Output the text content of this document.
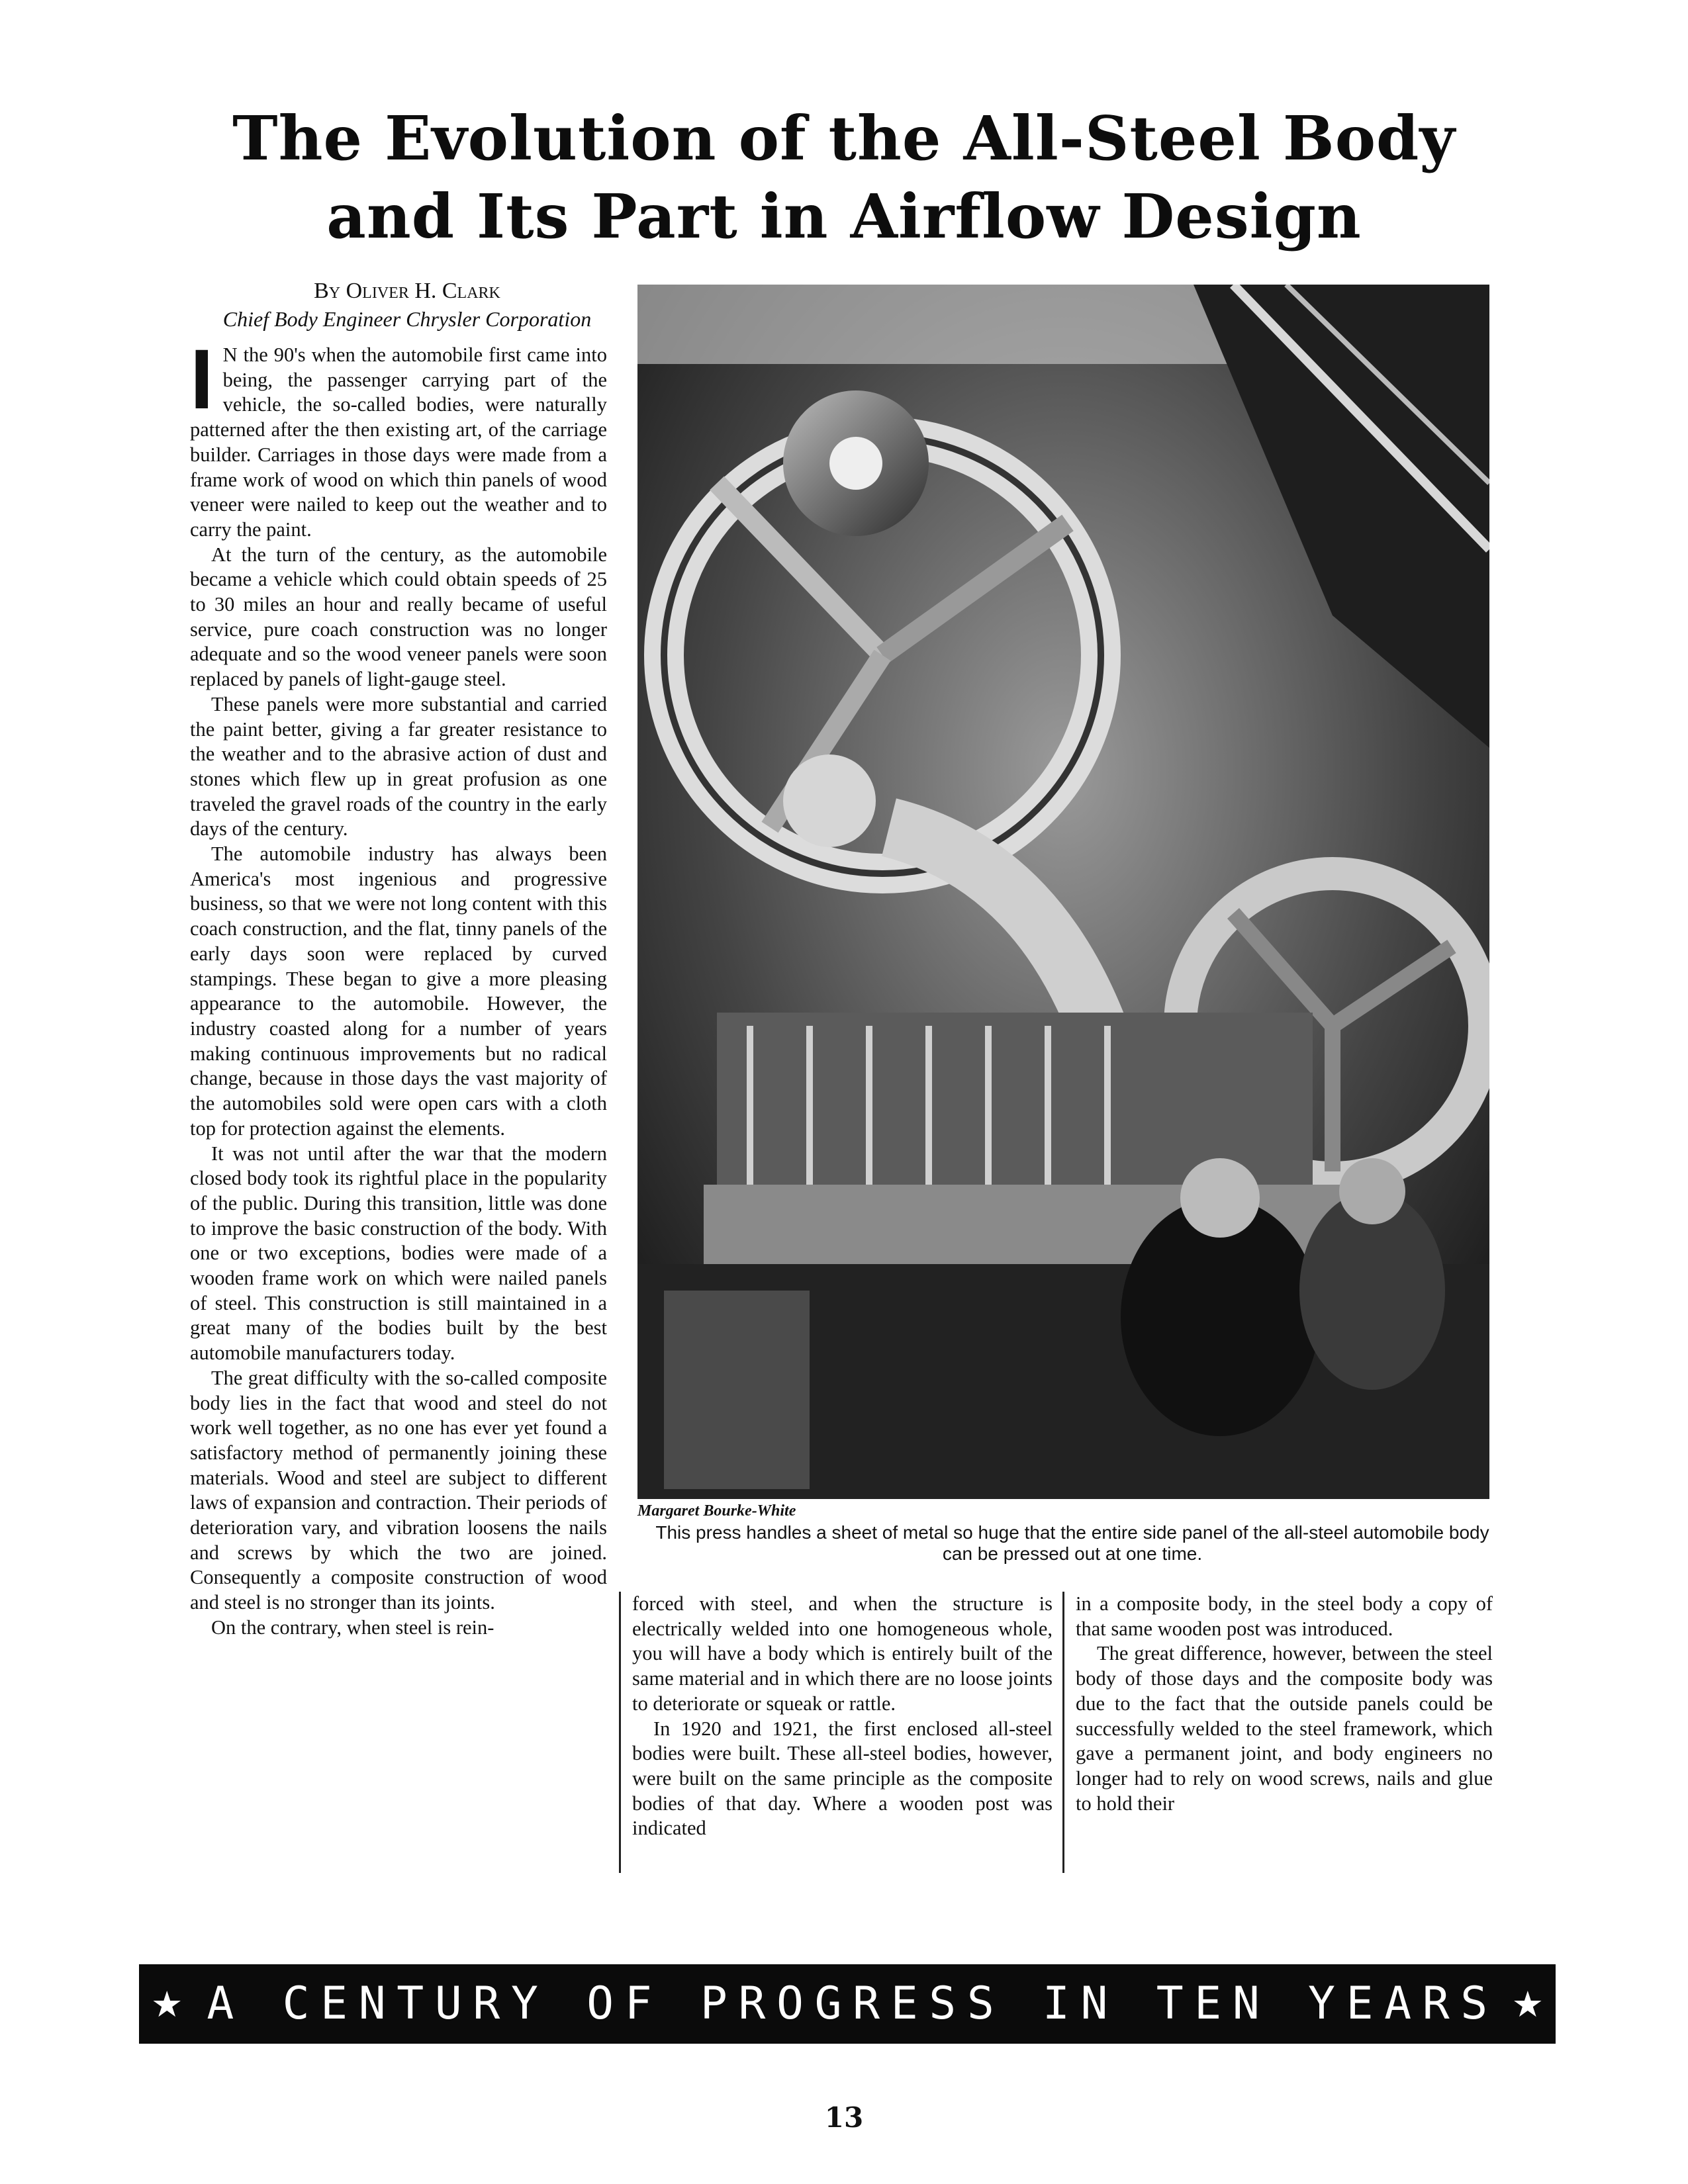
The Evolution of the All-Steel Body
and Its Part in Airflow Design
By Oliver H. Clark
Chief Body Engineer Chrysler Corporation

I N the 90's when the automobile first came into being, the passenger carrying part of the vehicle, the so-called bodies, were naturally patterned after the then existing art, of the carriage builder. Carriages in those days were made from a frame work of wood on which thin panels of wood veneer were nailed to keep out the weather and to carry the paint.

At the turn of the century, as the automobile became a vehicle which could obtain speeds of 25 to 30 miles an hour and really became of useful service, pure coach construction was no longer adequate and so the wood veneer panels were soon replaced by panels of light-gauge steel.

These panels were more substantial and carried the paint better, giving a far greater resistance to the weather and to the abrasive action of dust and stones which flew up in great profusion as one traveled the gravel roads of the country in the early days of the century.

The automobile industry has always been America's most ingenious and progressive business, so that we were not long content with this coach construction, and the flat, tinny panels of the early days soon were replaced by curved stampings. These began to give a more pleasing appearance to the automobile. However, the industry coasted along for a number of years making continuous improvements but no radical change, because in those days the vast majority of the automobiles sold were open cars with a cloth top for protection against the elements.

It was not until after the war that the modern closed body took its rightful place in the popularity of the public. During this transition, little was done to improve the basic construction of the body. With one or two exceptions, bodies were made of a wooden frame work on which were nailed panels of steel. This construction is still maintained in a great many of the bodies built by the best automobile manufacturers today.

The great difficulty with the so-called composite body lies in the fact that wood and steel do not work well together, as no one has ever yet found a satisfactory method of permanently joining these materials. Wood and steel are subject to different laws of expansion and contraction. Their periods of deterioration vary, and vibration loosens the nails and screws by which the two are joined. Consequently a composite construction of wood and steel is no stronger than its joints.

On the contrary, when steel is rein-

Margaret Bourke-White
This press handles a sheet of metal so huge that the entire side panel of the all-steel automobile body can be pressed out at one time.

forced with steel, and when the structure is electrically welded into one homogeneous whole, you will have a body which is entirely built of the same material and in which there are no loose joints to deteriorate or squeak or rattle.

In 1920 and 1921, the first enclosed all-steel bodies were built. These all-steel bodies, however, were built on the same principle as the composite bodies of that day. Where a wooden post was indicated

in a composite body, in the steel body a copy of that same wooden post was introduced.

The great difference, however, between the steel body of those days and the composite body was due to the fact that the outside panels could be successfully welded to the steel framework, which gave a permanent joint, and body engineers no longer had to rely on wood screws, nails and glue to hold their

★ A C E N T U R Y O F P R O G R E S S I N T E N Y E A R S ★
13
